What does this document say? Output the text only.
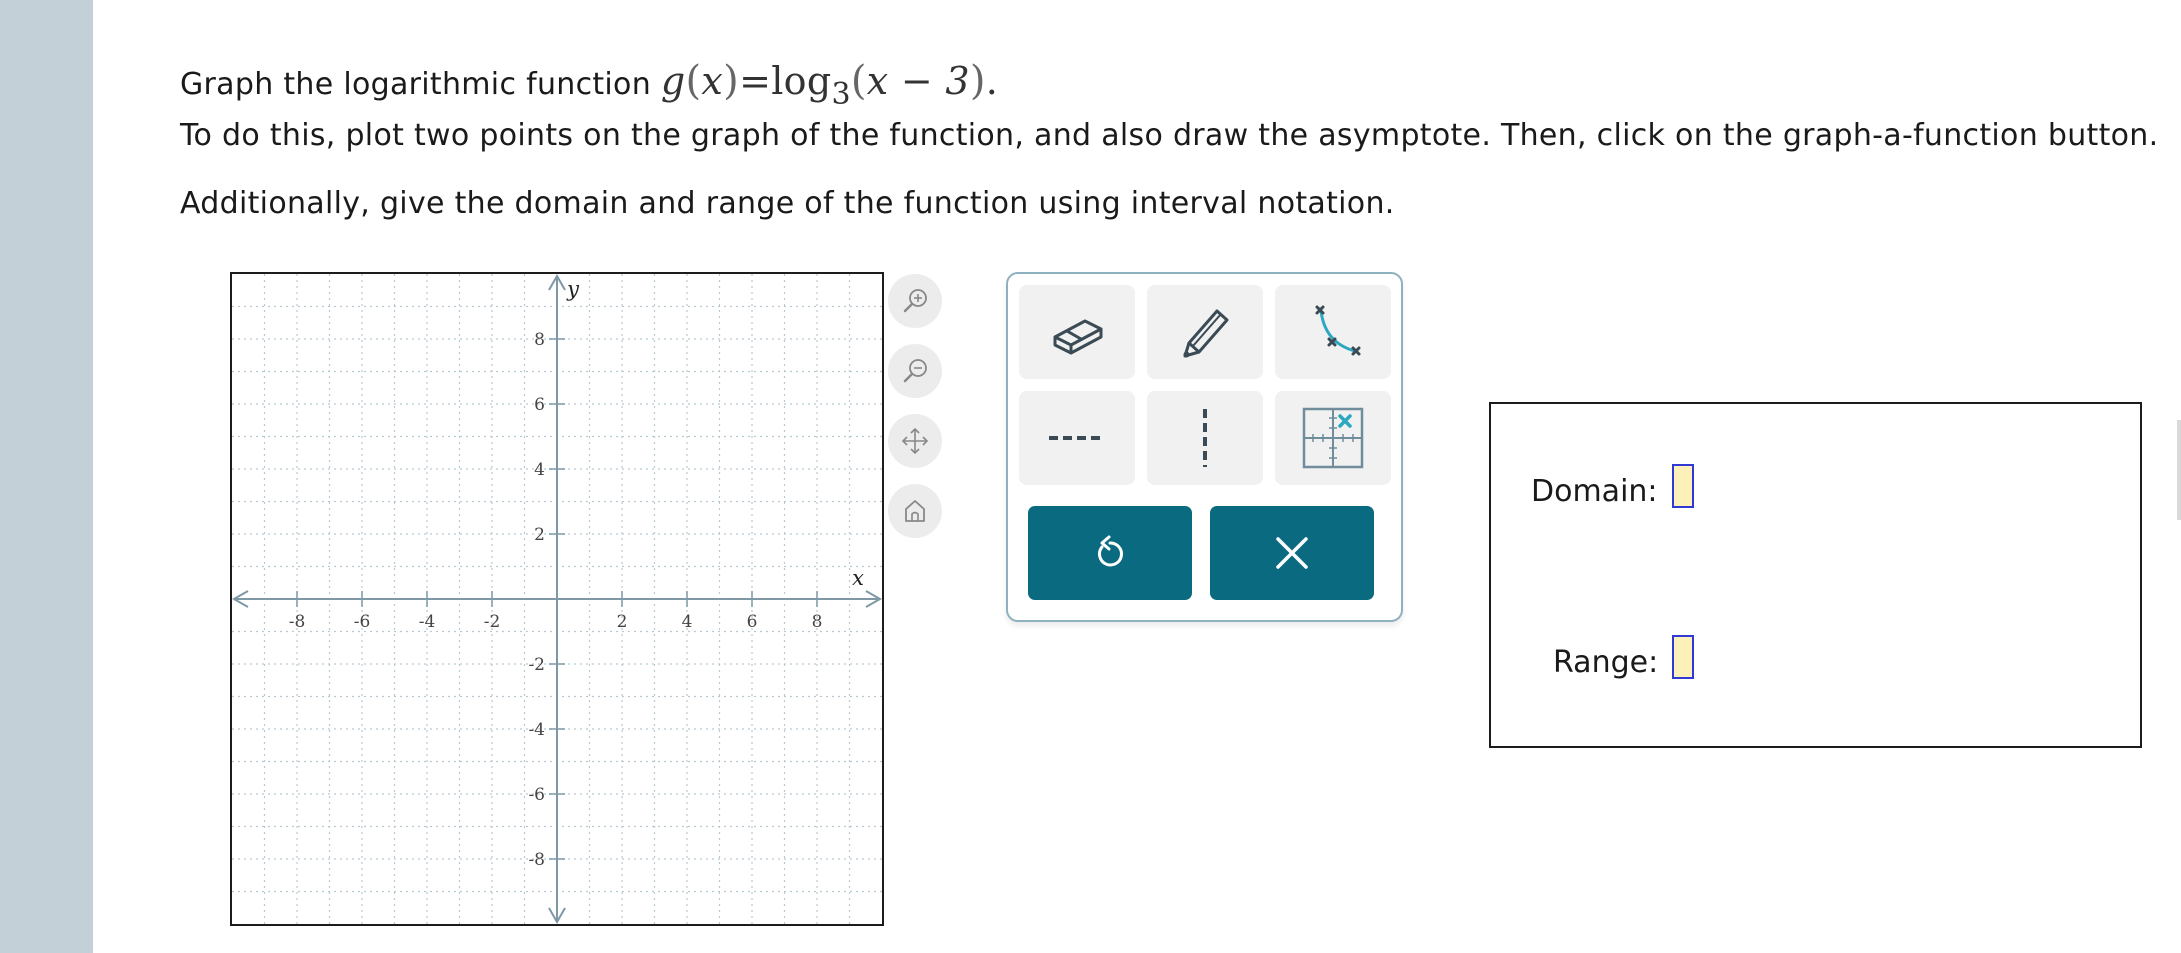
Graph the logarithmic function $g(x)=\log_3(x - 3)$.
To do this, plot two points on the graph of the function, and also draw the asymptote. Then, click on the graph-a-function button.
Additionally, give the domain and range of the function using interval notation.
-8	-6	-4	-2	2	4	6	8
8
6
4
2
-2
-4
-6
-8
x
y
Domain:
Range:
